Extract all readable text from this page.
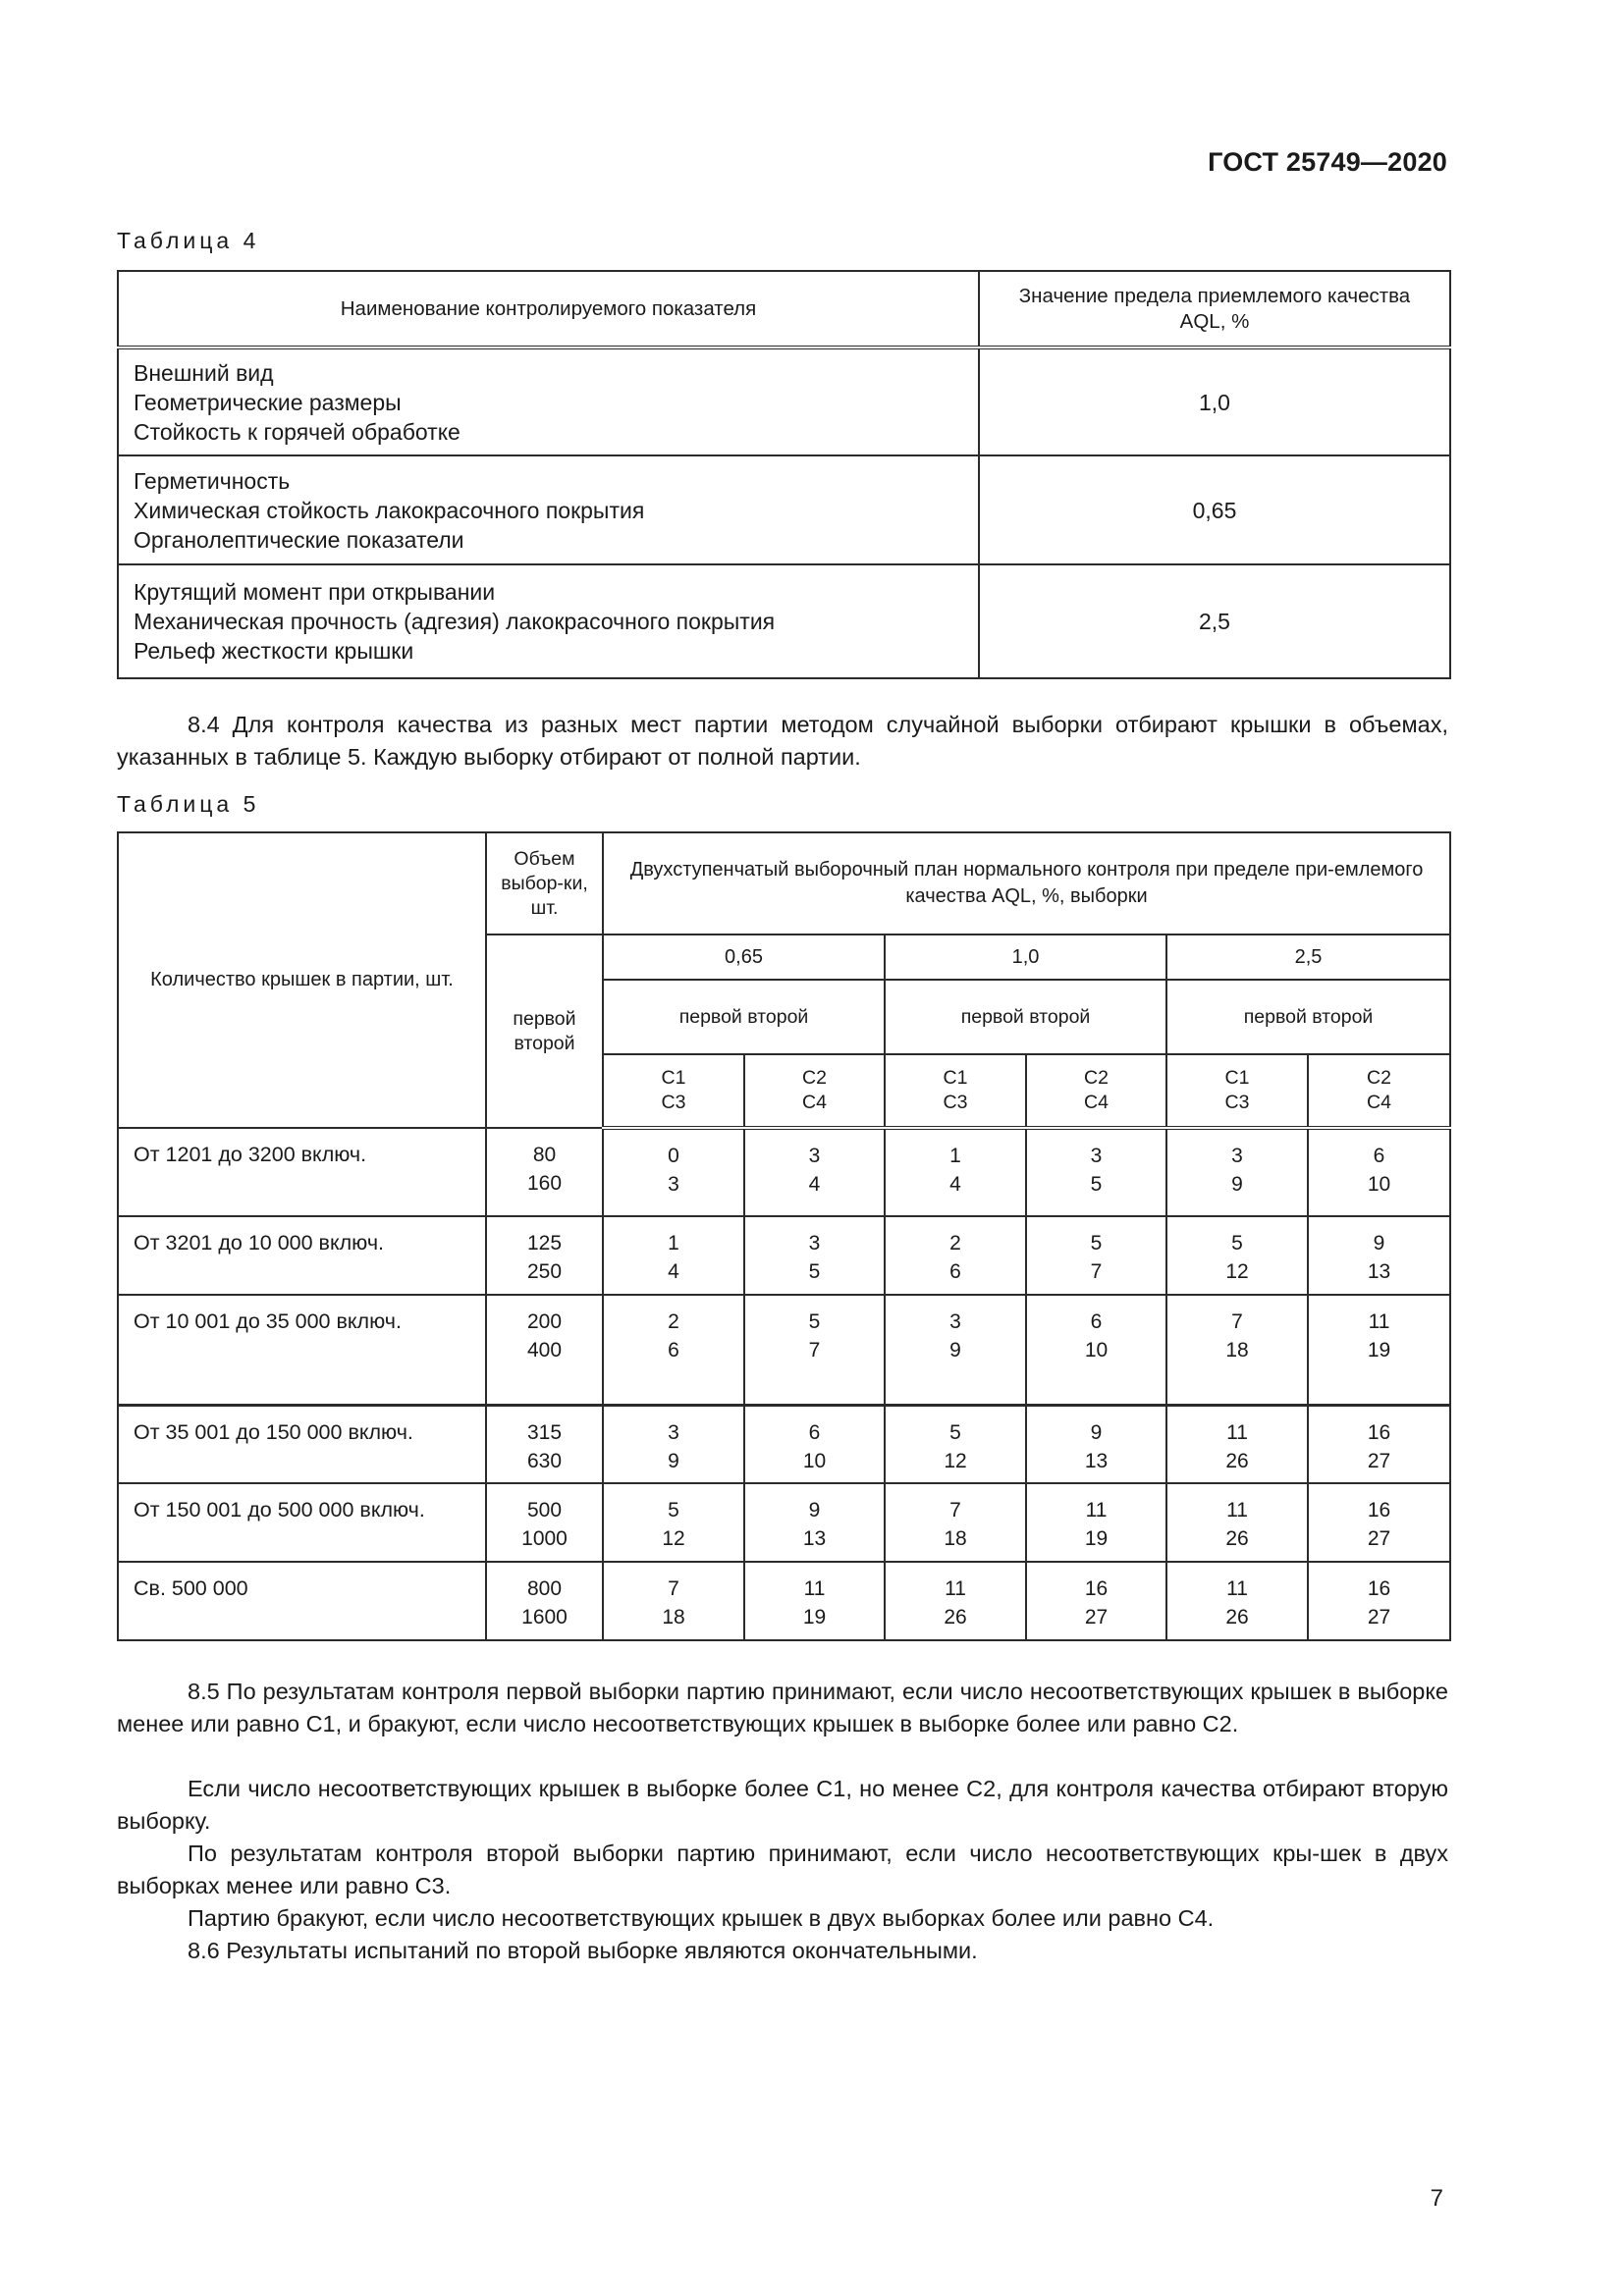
ГОСТ 25749—2020
Таблица 4
Наименование контролируемого показателя	Значение предела приемлемого качества AQL, %

Внешний вид
Геометрические размеры
Стойкость к горячей обработке	1,0

Герметичность
Химическая стойкость лакокрасочного покрытия
Органолептические показатели	0,65

Крутящий момент при открывании
Механическая прочность (адгезия) лакокрасочного покрытия
Рельеф жесткости крышки	2,5
8.4 Для контроля качества из разных мест партии методом случайной выборки отбирают крышки в объемах, указанных в таблице 5. Каждую выборку отбирают от полной партии.
Таблица 5
Количество крышек в партии, шт.	Объем выбор-ки, шт.	Двухступенчатый выборочный план нормального контроля при пределе при-емлемого качества AQL, %, выборки					
	первой второй	0,65		1,0		2,5	
		первой второй		первой второй		первой второй	
		С1 С3	С2 С4	С1 С3	С2 С4	С1 С3	С2 С4
От 1201 до 3200 включ.	80 160	0 3	3 4	1 4	3 5	3 9	6 10
От 3201 до 10 000 включ.	125 250	1 4	3 5	2 6	5 7	5 12	9 13
От 10 001 до 35 000 включ.	200 400	2 6	5 7	3 9	6 10	7 18	11 19
От 35 001 до 150 000 включ.	315 630	3 9	6 10	5 12	9 13	11 26	16 27
От 150 001 до 500 000 включ.	500 1000	5 12	9 13	7 18	11 19	11 26	16 27
Св. 500 000	800 1600	7 18	11 19	11 26	16 27	11 26	16 27
8.5 По результатам контроля первой выборки партию принимают, если число несоответствующих крышек в выборке менее или равно С1, и бракуют, если число несоответствующих крышек в выборке более или равно С2.
Если число несоответствующих крышек в выборке более С1, но менее С2, для контроля качества отбирают вторую выборку.
По результатам контроля второй выборки партию принимают, если число несоответствующих кры-шек в двух выборках менее или равно С3.
Партию бракуют, если число несоответствующих крышек в двух выборках более или равно С4.
8.6 Результаты испытаний по второй выборке являются окончательными.
7
